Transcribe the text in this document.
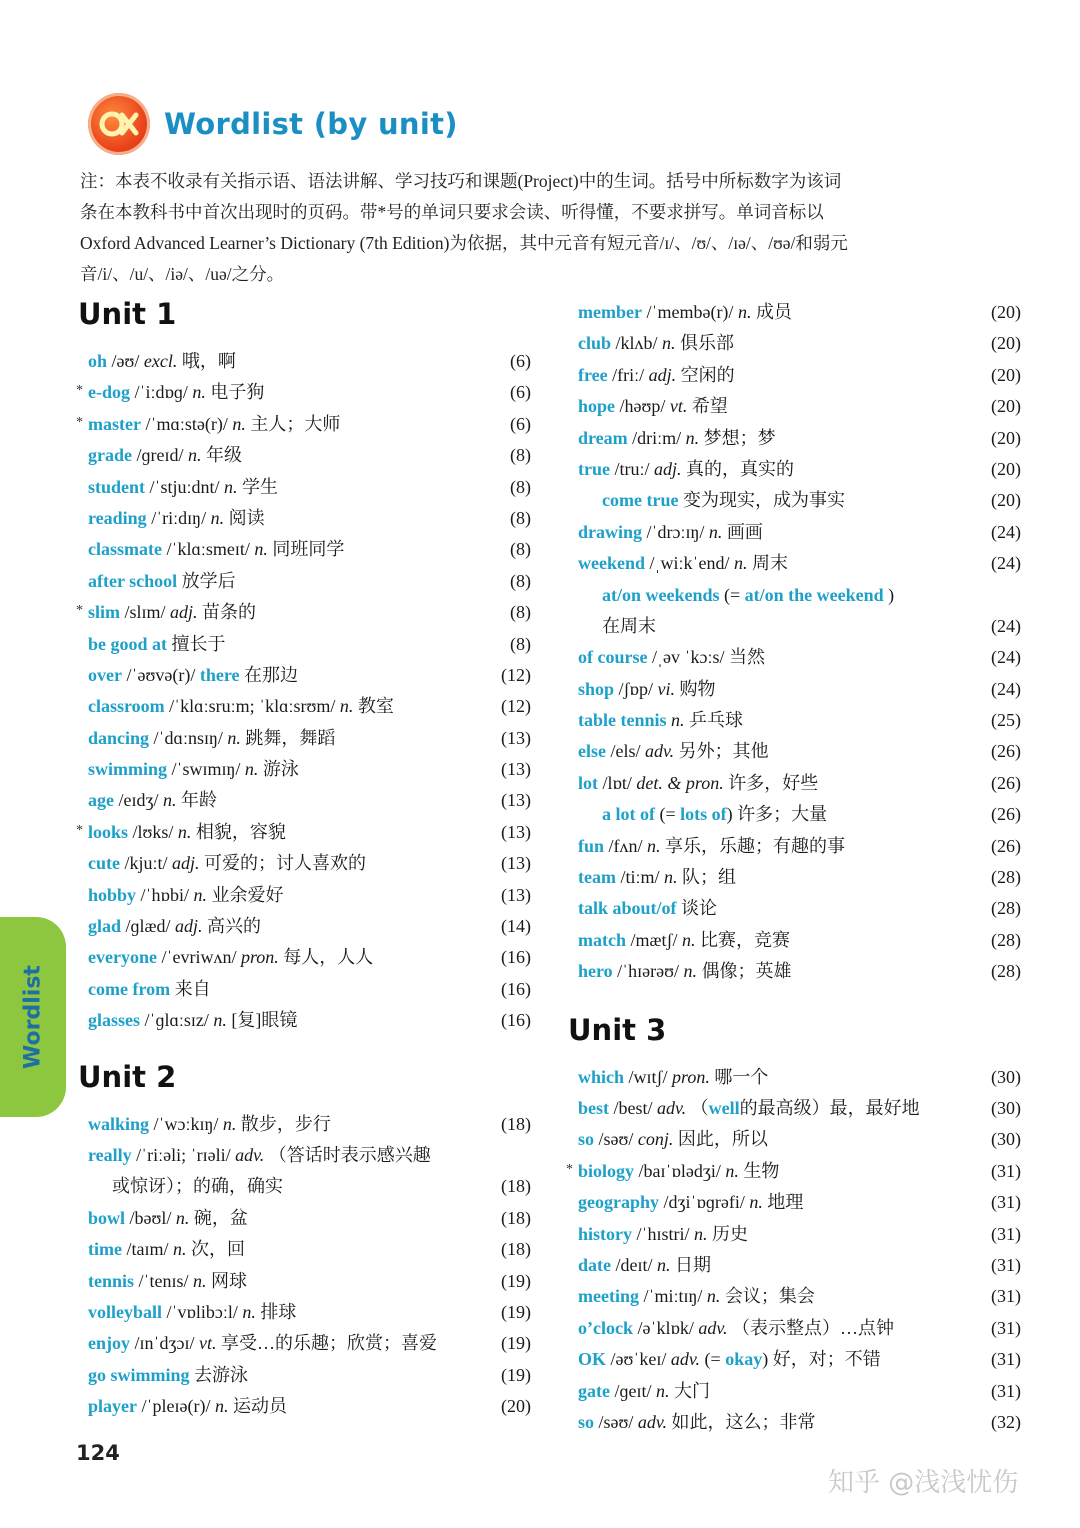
Wordlist (by unit)

注：本表不收录有关指示语、语法讲解、学习技巧和课题(Project)中的生词。括号中所标数字为该词

条在本教科书中首次出现时的页码。带*号的单词只要求会读、听得懂，不要求拼写。单词音标以

Oxford Advanced Learner’s Dictionary (7th Edition)为依据，其中元音有短元音/ɪ/、/ʊ/、/ɪə/、/ʊə/和弱元

音/i/、/u/、/iə/、/uə/之分。

Unit 1
oh /əʊ/ excl. 哦，啊	(6)
* e-dog /ˈiːdɒɡ/ n. 电子狗	(6)
* master /ˈmɑːstə(r)/ n. 主人；大师	(6)
grade /ɡreɪd/ n. 年级	(8)
student /ˈstjuːdnt/ n. 学生	(8)
reading /ˈriːdɪŋ/ n. 阅读	(8)
classmate /ˈklɑːsmeɪt/ n. 同班同学	(8)
after school 放学后	(8)
* slim /slɪm/ adj. 苗条的	(8)
be good at 擅长于	(8)
over /ˈəʊvə(r)/ there 在那边	(12)
classroom /ˈklɑːsruːm; ˈklɑːsrʊm/ n. 教室	(12)
dancing /ˈdɑːnsɪŋ/ n. 跳舞，舞蹈	(13)
swimming /ˈswɪmɪŋ/ n. 游泳	(13)
age /eɪdʒ/ n. 年龄	(13)
* looks /lʊks/ n. 相貌，容貌	(13)
cute /kjuːt/ adj. 可爱的；讨人喜欢的	(13)
hobby /ˈhɒbi/ n. 业余爱好	(13)
glad /ɡlæd/ adj. 高兴的	(14)
everyone /ˈevriwʌn/ pron. 每人，人人	(16)
come from 来自	(16)
glasses /ˈɡlɑːsɪz/ n. [复]眼镜	(16)
Unit 2
walking /ˈwɔːkɪŋ/ n. 散步，步行	(18)
really /ˈriːəli; ˈrɪəli/ adv. （答话时表示感兴趣
或惊讶）；的确，确实	(18)
bowl /bəʊl/ n. 碗，盆	(18)
time /taɪm/ n. 次，回	(18)
tennis /ˈtenɪs/ n. 网球	(19)
volleyball /ˈvɒlibɔːl/ n. 排球	(19)
enjoy /ɪnˈdʒɔɪ/ vt. 享受…的乐趣；欣赏；喜爱	(19)
go swimming 去游泳	(19)
player /ˈpleɪə(r)/ n. 运动员	(20)
member /ˈmembə(r)/ n. 成员	(20)
club /klʌb/ n. 俱乐部	(20)
free /friː/ adj. 空闲的	(20)
hope /həʊp/ vt. 希望	(20)
dream /driːm/ n. 梦想；梦	(20)
true /truː/ adj. 真的，真实的	(20)
come true 变为现实，成为事实	(20)
drawing /ˈdrɔːɪŋ/ n. 画画	(24)
weekend /ˌwiːkˈend/ n. 周末	(24)
at/on weekends (= at/on the weekend )
在周末	(24)
of course /ˌəv ˈkɔːs/ 当然	(24)
shop /ʃɒp/ vi. 购物	(24)
table tennis n. 乒乓球	(25)
else /els/ adv. 另外；其他	(26)
lot /lɒt/ det. & pron. 许多，好些	(26)
a lot of (= lots of) 许多；大量	(26)
fun /fʌn/ n. 享乐，乐趣；有趣的事	(26)
team /tiːm/ n. 队；组	(28)
talk about/of 谈论	(28)
match /mætʃ/ n. 比赛，竞赛	(28)
hero /ˈhɪərəʊ/ n. 偶像；英雄	(28)
Unit 3
which /wɪtʃ/ pron. 哪一个	(30)
best /best/ adv. （well的最高级）最，最好地	(30)
so /səʊ/ conj. 因此，所以	(30)
* biology /baɪˈɒlədʒi/ n. 生物	(31)
geography /dʒiˈɒɡrəfi/ n. 地理	(31)
history /ˈhɪstri/ n. 历史	(31)
date /deɪt/ n. 日期	(31)
meeting /ˈmiːtɪŋ/ n. 会议；集会	(31)
o’clock /əˈklɒk/ adv. （表示整点）…点钟	(31)
OK /əʊˈkeɪ/ adv. (= okay) 好，对；不错	(31)
gate /ɡeɪt/ n. 大门	(31)
so /səʊ/ adv. 如此，这么；非常	(32)
Wordlist
124
知乎 @浅浅忧伤
